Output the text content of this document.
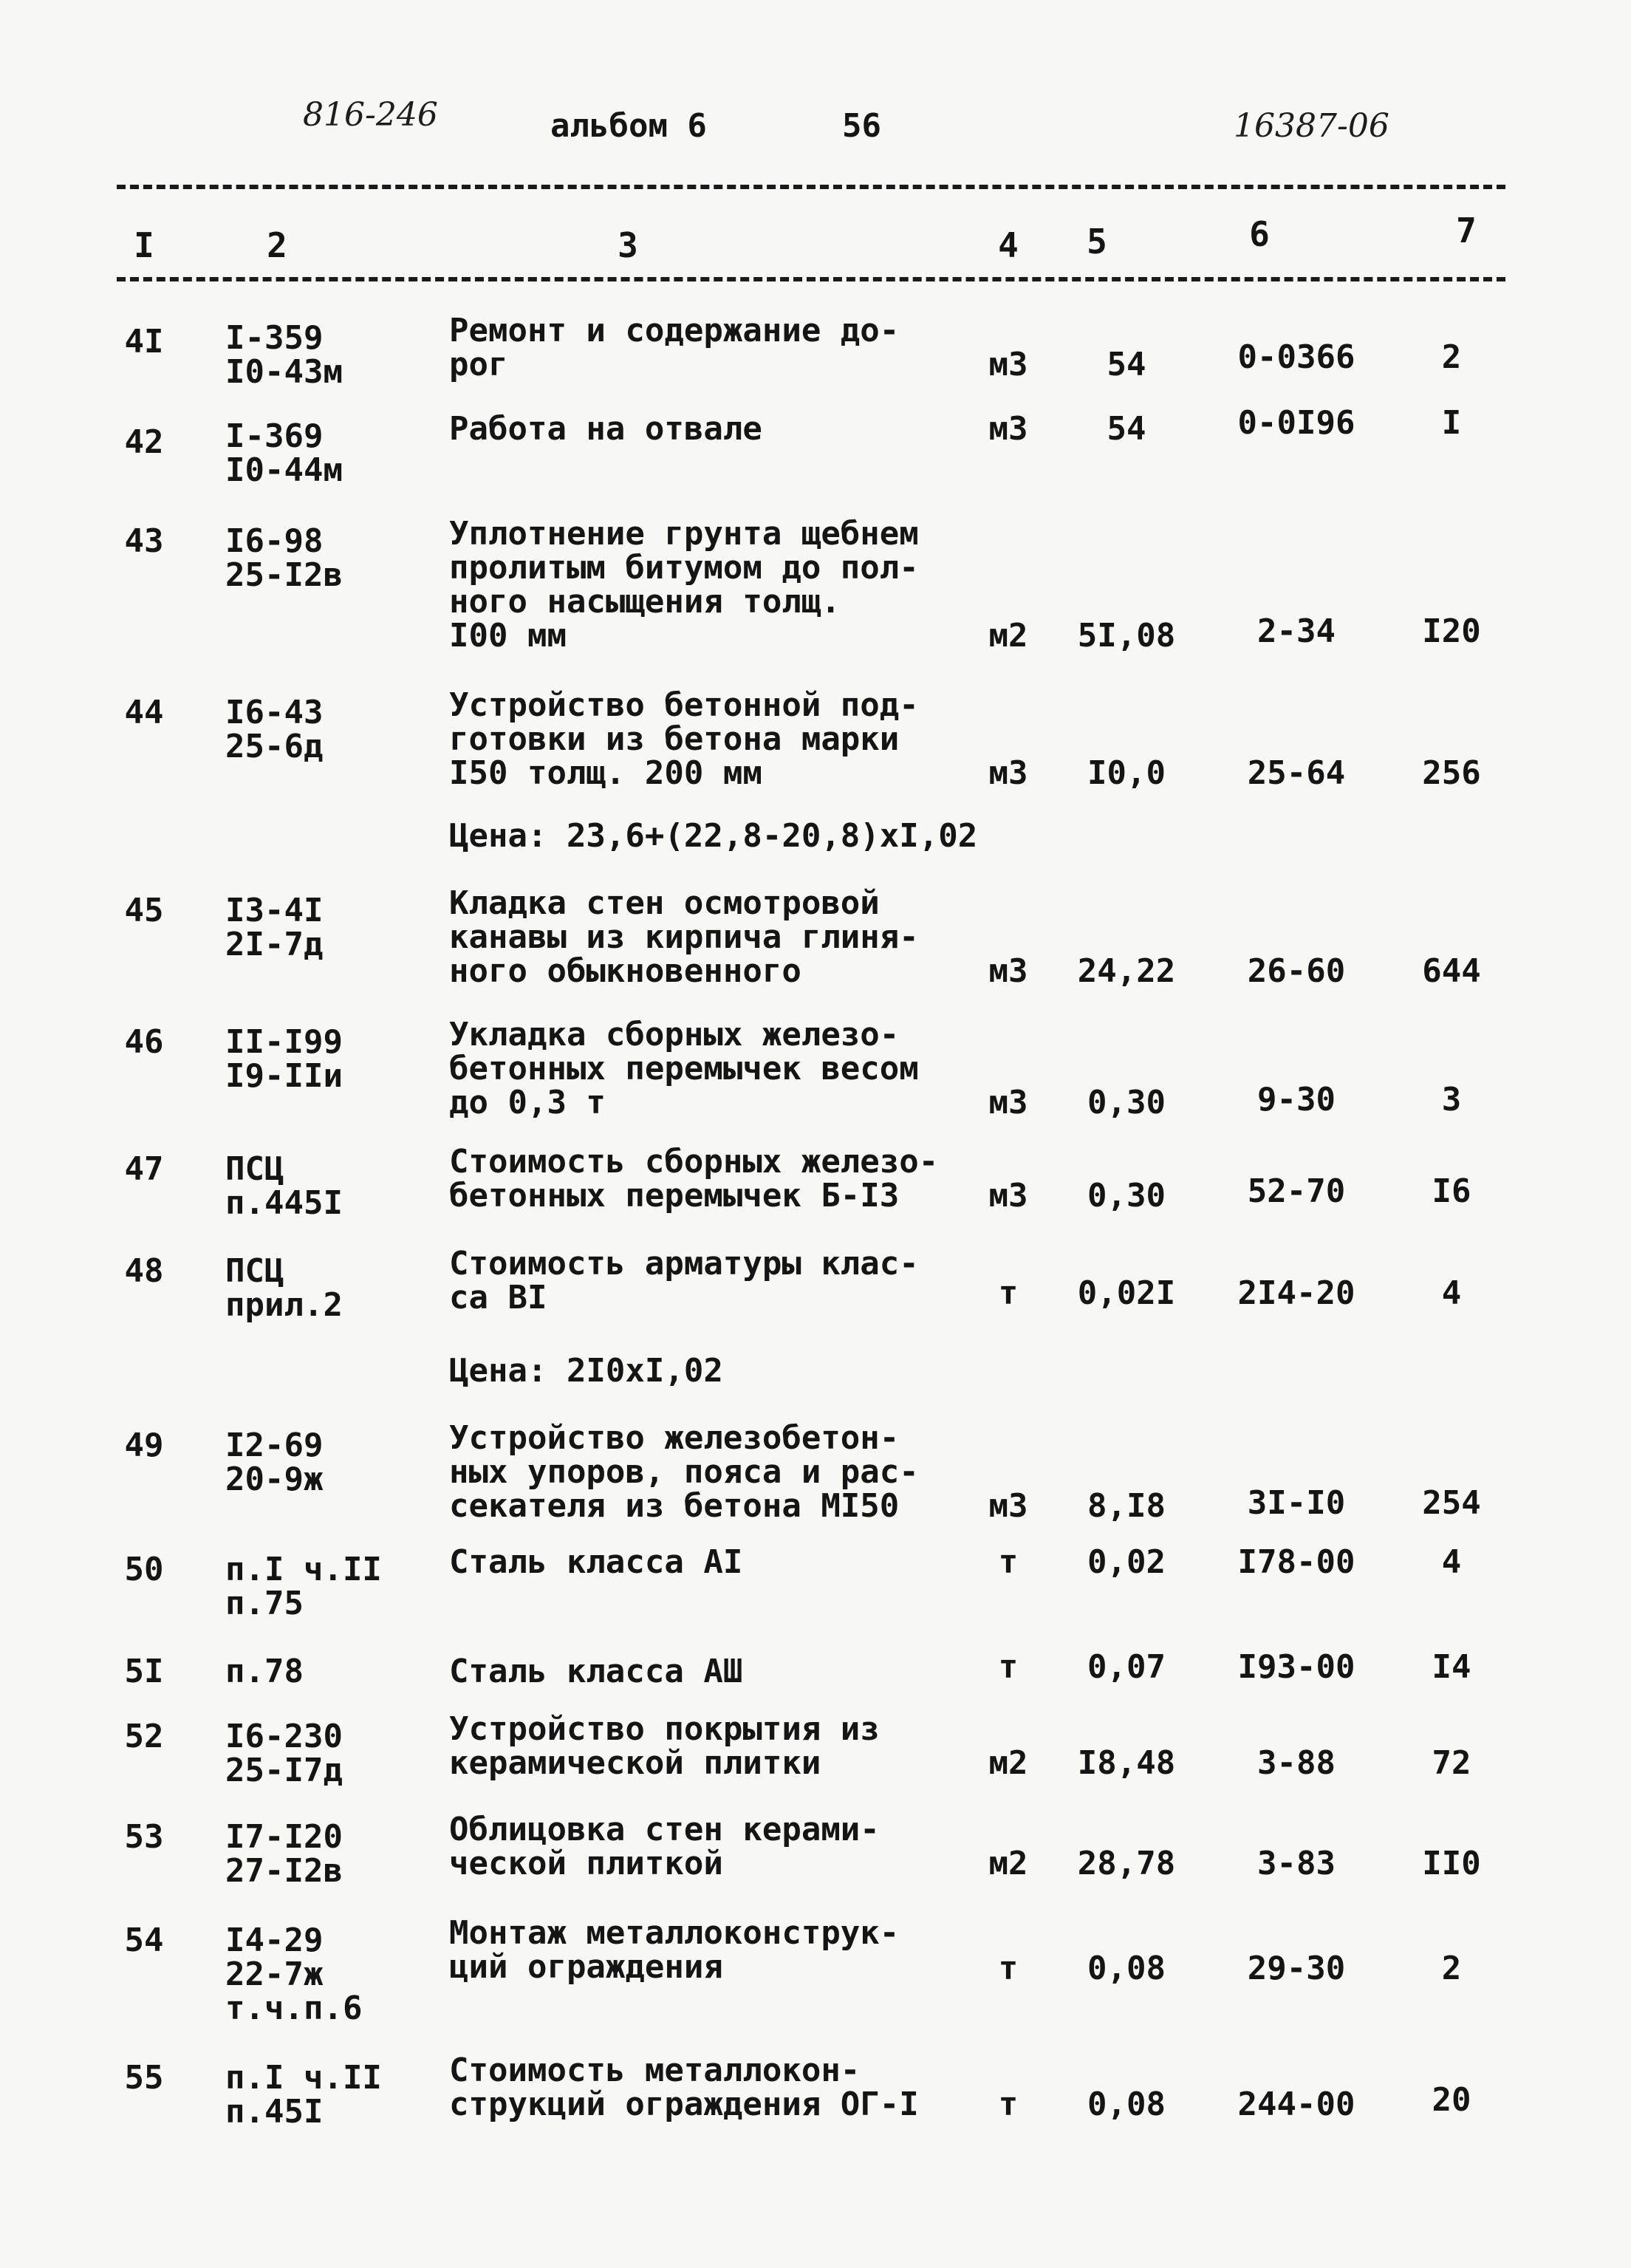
816-246	альбом 6	56	16387-06
I	2	3	4	5	6	7
4I	I-359
I0-43м
Ремонт и содержание до-
рог	м3	54	0-0366	2
42	I-369
I0-44м
Работа на отвале	м3	54	0-0I96	I
43	I6-98
25-I2в
Уплотнение грунта щебнем
пролитым битумом до пол-
ного насыщения толщ.
I00 мм	м2	5I,08	2-34	I20
44	I6-43
25-6д
Устройство бетонной под-
готовки из бетона марки
I50 толщ. 200 мм	м3	I0,0	25-64	256
Цена: 23,6+(22,8-20,8)хI,02
45	I3-4I
2I-7д
Кладка стен осмотровой
канавы из кирпича глиня-
ного обыкновенного	м3	24,22	26-60	644
46	II-I99
I9-IIи
Укладка сборных железо-
бетонных перемычек весом
до 0,3 т	м3	0,30	9-30	3
47	ПСЦ
п.445I
Стоимость сборных железо-
бетонных перемычек Б-I3	м3	0,30	52-70	I6
48	ПСЦ
прил.2
Стоимость арматуры клас-
са ВI	т	0,02I	2I4-20	4
Цена: 2I0хI,02
49	I2-69
20-9ж
Устройство железобетон-
ных упоров, пояса и рас-
секателя из бетона МI50	м3	8,I8	3I-I0	254
50	п.I ч.II
п.75
Сталь класса АI	т	0,02	I78-00	4
5I	п.78	Сталь класса АШ	т	0,07	I93-00	I4
52	I6-230
25-I7д
Устройство покрытия из
керамической плитки	м2	I8,48	3-88	72
53	I7-I20
27-I2в
Облицовка стен керами-
ческой плиткой	м2	28,78	3-83	II0
54	I4-29
22-7ж
т.ч.п.6
Монтаж металлоконструк-
ций ограждения	т	0,08	29-30	2
55	п.I ч.II
п.45I
Стоимость металлокон-
струкций ограждения ОГ-I	т	0,08	244-00	20
